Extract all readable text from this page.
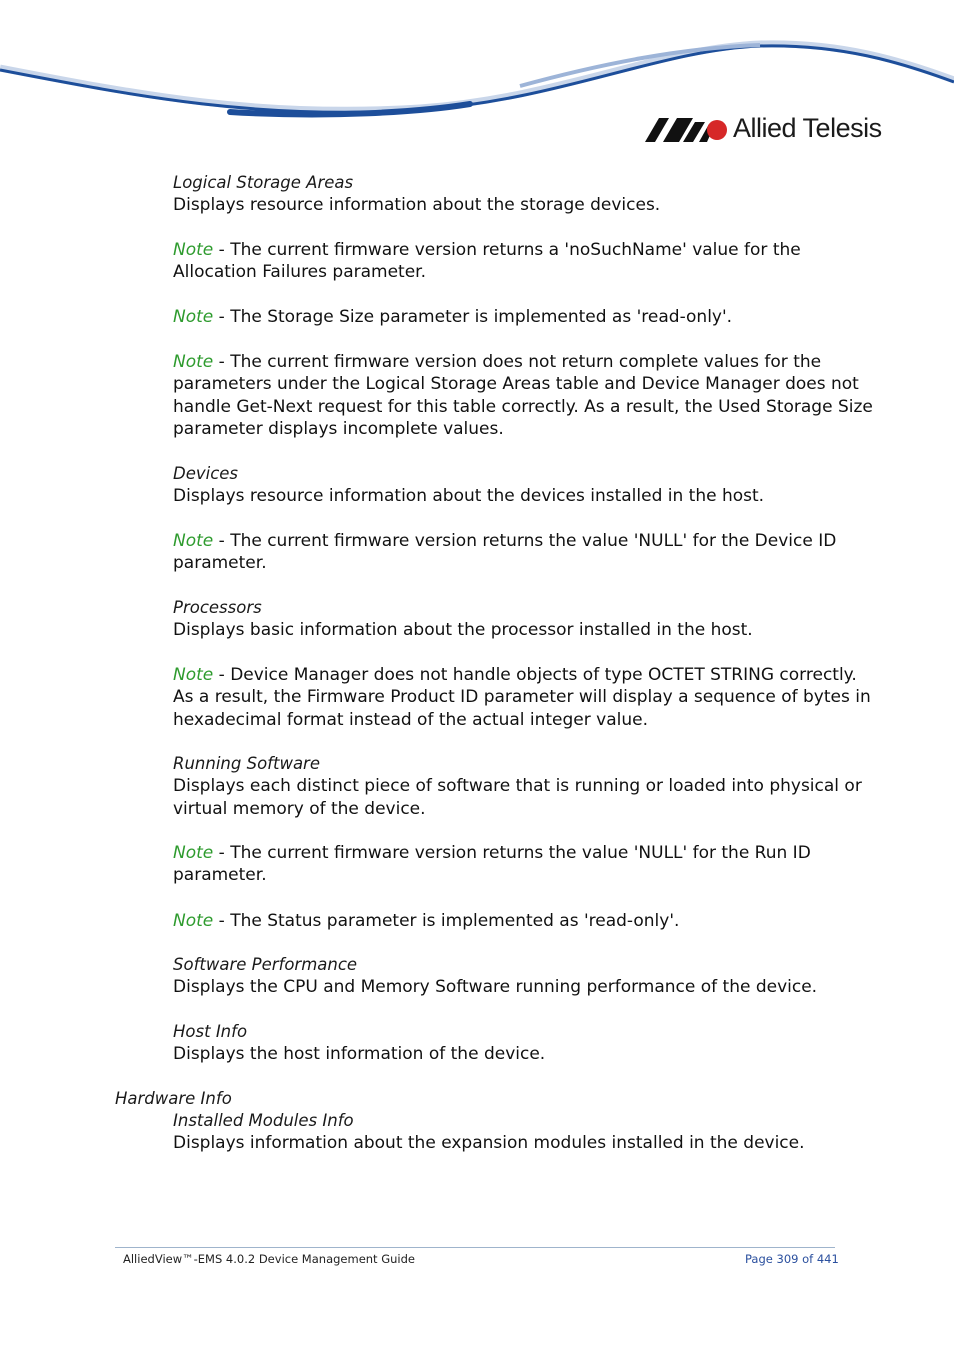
Allied Telesis
Logical Storage Areas
Displays resource information about the storage devices.
Note - The current firmware version returns a 'noSuchName' value for the
Allocation Failures parameter.
Note - The Storage Size parameter is implemented as 'read-only'.
Note - The current firmware version does not return complete values for the
parameters under the Logical Storage Areas table and Device Manager does not
handle Get-Next request for this table correctly. As a result, the Used Storage Size
parameter displays incomplete values.
Devices
Displays resource information about the devices installed in the host.
Note - The current firmware version returns the value 'NULL' for the Device ID
parameter.
Processors
Displays basic information about the processor installed in the host.
Note - Device Manager does not handle objects of type OCTET STRING correctly.
As a result, the Firmware Product ID parameter will display a sequence of bytes in
hexadecimal format instead of the actual integer value.
Running Software
Displays each distinct piece of software that is running or loaded into physical or
virtual memory of the device.
Note - The current firmware version returns the value 'NULL' for the Run ID
parameter.
Note - The Status parameter is implemented as 'read-only'.
Software Performance
Displays the CPU and Memory Software running performance of the device.
Host Info
Displays the host information of the device.
Hardware Info
Installed Modules Info
Displays information about the expansion modules installed in the device.
AlliedView™-EMS 4.0.2 Device Management Guide	Page 309 of 441
